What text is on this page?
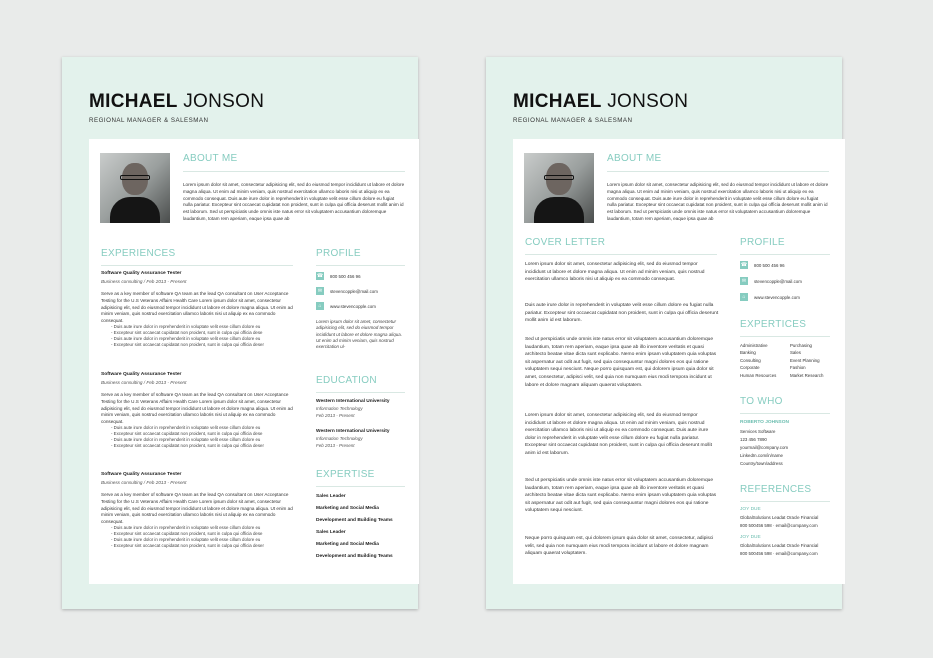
MICHAEL JONSON
REGIONAL MANAGER & SALESMAN
ABOUT ME
Lorem ipsum dolor sit amet, consectetur adipisicing elit, sed do eiusmod tempor incididunt ut labore et dolore magna aliqua. Ut enim ad minim veniam, quis nostrud exercitation ullamco laboris nisi ut aliquip ex ea commodo consequat. Duis aute irure dolor in reprehenderit in voluptate velit esse cillum dolore eu fugiat nulla pariatur. Excepteur sint occaecat cupidatat non proident, sunt in culpa qui officia deserunt mollit anim id est laborum. Sed ut perspiciatis unde omnis iste natus error sit voluptatem accusantium doloremque laudantium, totam rem aperiam, eaque ipsa quae ab
EXPERIENCES
Software Quality Assurance Tester
Business consulting / Feb 2013 - Present
Serve as a key member of software QA team as the lead QA consultant on User Acceptance Testing for the U.S Veterans Affairs Health Care Lorem ipsum dolor sit amet, consectetur adipisicing elit, sed do eiusmod tempor incididunt ut labore et dolore magna aliqua. Ut enim ad minim veniam, quis nostrud exercitation ullamco laboris nisi ut aliquip ex ea commodo consequat.
- Duis aute irure dolor in reprehenderit in voluptate velit esse cillum dolore eu
- Excepteur sint occaecat cupidatat non proident, sunt in culpa qui officia dese
- Duis aute irure dolor in reprehenderit in voluptate velit esse cillum dolore eu
- Excepteur sint occaecat cupidatat non proident, sunt in culpa qui officia deser
Software Quality Assurance Tester
Business consulting / Feb 2013 - Present
Serve as a key member of software QA team as the lead QA consultant on User Acceptance Testing for the U.S Veterans Affairs Health Care Lorem ipsum dolor sit amet, consectetur adipisicing elit, sed do eiusmod tempor incididunt ut labore et dolore magna aliqua. Ut enim ad minim veniam, quis nostrud exercitation ullamco laboris nisi ut aliquip ex ea commodo consequat.
- Duis aute irure dolor in reprehenderit in voluptate velit esse cillum dolore eu
- Excepteur sint occaecat cupidatat non proident, sunt in culpa qui officia dese
- Duis aute irure dolor in reprehenderit in voluptate velit esse cillum dolore eu
- Excepteur sint occaecat cupidatat non proident, sunt in culpa qui officia deser
Software Quality Assurance Tester
Business consulting / Feb 2013 - Present
Serve as a key member of software QA team as the lead QA consultant on User Acceptance Testing for the U.S Veterans Affairs Health Care Lorem ipsum dolor sit amet, consectetur adipisicing elit, sed do eiusmod tempor incididunt ut labore et dolore magna aliqua. Ut enim ad minim veniam, quis nostrud exercitation ullamco laboris nisi ut aliquip ex ea commodo consequat.
- Duis aute irure dolor in reprehenderit in voluptate velit esse cillum dolore eu
- Excepteur sint occaecat cupidatat non proident, sunt in culpa qui officia dese
- Duis aute irure dolor in reprehenderit in voluptate velit esse cillum dolore eu
- Excepteur sint occaecat cupidatat non proident, sunt in culpa qui officia deser
PROFILE
☎ 800 500 456 96
✉	stevencopple@mail.com
⌂	www.stevencopple.com
Lorem ipsum dolor sit amet, consectetur adipisicing elit, sed do eiusmod tempor incididunt ut labore et dolore magna aliqua. Ut enim ad minim veniam, quis nostrud exercitation ul-
EDUCATION
Western International University
Information Technology
Feb 2013 - Present
Western International University
Information Technology
Feb 2013 - Present
EXPERTISE
Sales Leader
Marketing and Social Media
Development and Building Teams
Sales Leader
Marketing and Social Media
Development and Building Teams
MICHAEL JONSON
REGIONAL MANAGER & SALESMAN
ABOUT ME
Lorem ipsum dolor sit amet, consectetur adipisicing elit, sed do eiusmod tempor incididunt ut labore et dolore magna aliqua. Ut enim ad minim veniam, quis nostrud exercitation ullamco laboris nisi ut aliquip ex ea commodo consequat. Duis aute irure dolor in reprehenderit in voluptate velit esse cillum dolore eu fugiat nulla pariatur. Excepteur sint occaecat cupidatat non proident, sunt in culpa qui officia deserunt mollit anim id est laborum. Sed ut perspiciatis unde omnis iste natus error sit voluptatem accusantium doloremque laudantium, totam rem aperiam, eaque ipsa quae ab
COVER LETTER
Lorem ipsum dolor sit amet, consectetur adipisicing elit, sed do eiusmod tempor incididunt ut labore et dolore magna aliqua. Ut enim ad minim veniam, quis nostrud exercitation ullamco laboris nisi ut aliquip ex ea commodo consequat.
Duis aute irure dolor in reprehenderit in voluptate velit esse cillum dolore eu fugiat nulla pariatur. Excepteur sint occaecat cupidatat non proident, sunt in culpa qui officia deserunt mollit anim id est laborum.
Sed ut perspiciatis unde omnis iste natus error sit voluptatem accusantium doloremque laudantium, totam rem aperiam, eaque ipsa quae ab illo inventore veritatis et quasi architecto beatae vitae dicta sunt explicabo. Nemo enim ipsam voluptatem quia voluptas sit aspernatur aut odit aut fugit, sed quia consequuntur magni dolores eos qui ratione voluptatem sequi nesciunt. Neque porro quisquam est, qui dolorem ipsum quia dolor sit amet, consectetur, adipisci velit, sed quia non numquam eius modi tempora incidunt ut labore et dolore magnam aliquam quaerat voluptatem.
Lorem ipsum dolor sit amet, consectetur adipisicing elit, sed do eiusmod tempor incididunt ut labore et dolore magna aliqua. Ut enim ad minim veniam, quis nostrud exercitation ullamco laboris nisi ut aliquip ex ea commodo consequat. Duis aute irure dolor in reprehenderit in voluptate velit esse cillum dolore eu fugiat nulla pariatur. Excepteur sint occaecat cupidatat non proident, sunt in culpa qui officia deserunt mollit anim id est laborum.
Sed ut perspiciatis unde omnis iste natus error sit voluptatem accusantium doloremque laudantium, totam rem aperiam, eaque ipsa quae ab illo inventore veritatis et quasi architecto beatae vitae dicta sunt explicabo. Nemo enim ipsam voluptatem quia voluptas sit aspernatur aut odit aut fugit, sed quia consequuntur magni dolores eos qui ratione voluptatem sequi nesciunt.
Neque porro quisquam est, qui dolorem ipsum quia dolor sit amet, consectetur, adipisci velit, sed quia non numquam eius modi tempora incidunt ut labore et dolore magnam aliquam quaerat voluptatem.
PROFILE
☎ 800 500 456 96
✉	stevencopple@mail.com
⌂	www.stevencopple.com
EXPERTICES
Administrative	Purchasing
Banking	Sales
Consulting	Event Planning
Corporate	Fashion
Human Resources	Market Research
TO WHO
ROBERTO JOHNSON
Services Software
123 456 7890
yourmail@company.com
LinkedIn.com/in/name
Country/town/address
REFERENCES
JOY DUE
GlobalSolutions Leadat Oracle Financial
800 500456 598 · email@company.com
JOY DUE
GlobalSolutions Leadat Oracle Financial
800 500456 598 · email@company.com
